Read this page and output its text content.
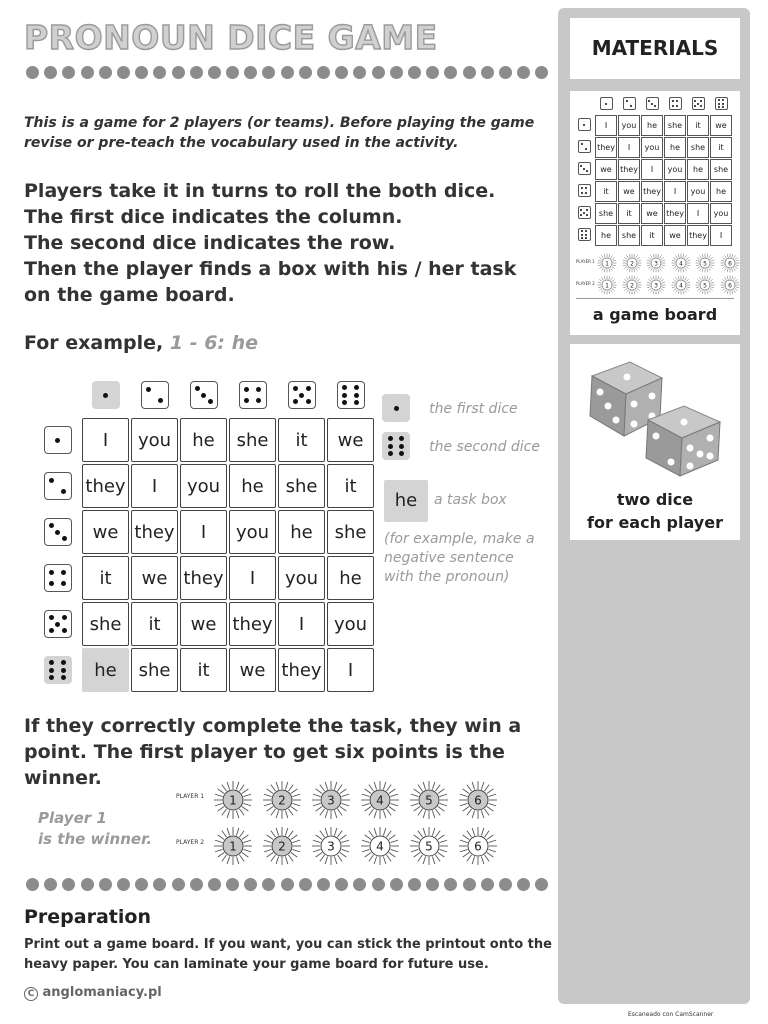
PRONOUN DICE GAME
This is a game for 2 players (or teams). Before playing the game revise or pre-teach the vocabulary used in the activity.
Players take it in turns to roll the both dice.
The first dice indicates the column.
The second dice indicates the row.
Then the player finds a box with his / her task on the game board.
For example, 1 - 6: he

	I	you	he	she	it	we

	they	I	you	he	she	it

	we	they	I	you	he	she

	it	we	they	I	you	he

	she	it	we	they	I	you

	he	she	it	we	they	I
the first dice
the second dice
he	a task box
(for example, make a negative sentence with the pronoun)
If they correctly complete the task, they win a point. The first player to get six points is the winner.
Player 1
is the winner.
PLAYER 1
PLAYER 2
1	2	3	4	5	6
1	2	3	4	5	6
Preparation
Print out a game board. If you want, you can stick the printout onto the heavy paper. You can laminate your game board for future use.
C anglomaniacy.pl
MATERIALS

	I	you	he	she	it	we

	they	I	you	he	she	it

	we	they	I	you	he	she

	it	we	they	I	you	he

	she	it	we	they	I	you

	he	she	it	we	they	I
a game board
PLAYER 1 1 2 3 4 5 6
PLAYER 2 1 2 3 4 5 6
two dice
for each player
Escaneado con CamScanner
